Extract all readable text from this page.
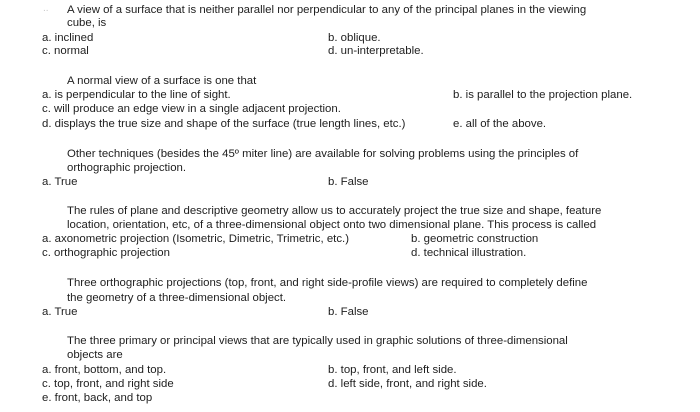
.. A view of a surface that is neither parallel nor perpendicular to any of the principal planes in the viewing
cube, is
a. inclined	b. oblique.
c. normal	d. un-interpretable.
A normal view of a surface is one that
a. is perpendicular to the line of sight.	b. is parallel to the projection plane.
c. will produce an edge view in a single adjacent projection.
d. displays the true size and shape of the surface (true length lines, etc.)	e. all of the above.
Other techniques (besides the 45º miter line) are available for solving problems using the principles of
orthographic projection.
a. True	b. False
The rules of plane and descriptive geometry allow us to accurately project the true size and shape, feature
location, orientation, etc, of a three-dimensional object onto two dimensional plane. This process is called
a. axonometric projection (Isometric, Dimetric, Trimetric, etc.)	b. geometric construction
c. orthographic projection	d. technical illustration.
Three orthographic projections (top, front, and right side-profile views) are required to completely define
the geometry of a three-dimensional object.
a. True	b. False
The three primary or principal views that are typically used in graphic solutions of three-dimensional
objects are
a. front, bottom, and top.	b. top, front, and left side.
c. top, front, and right side	d. left side, front, and right side.
e. front, back, and top
